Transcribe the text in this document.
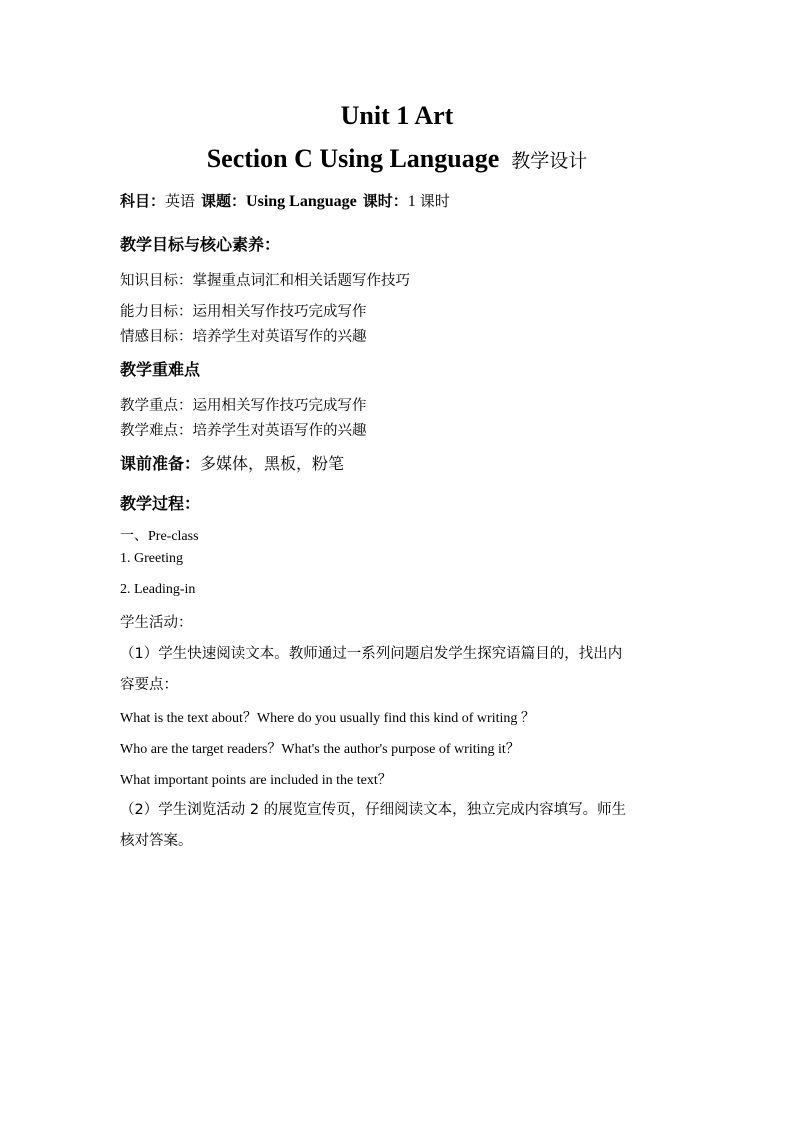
Unit 1 Art
Section C Using Language 教学设计
科目：英语 课题：Using Language 课时：1 课时
教学目标与核心素养：
知识目标：掌握重点词汇和相关话题写作技巧
能力目标：运用相关写作技巧完成写作
情感目标：培养学生对英语写作的兴趣
教学重难点
教学重点：运用相关写作技巧完成写作
教学难点：培养学生对英语写作的兴趣
课前准备：多媒体，黑板，粉笔
教学过程：
一、Pre-class
1. Greeting
2. Leading-in
学生活动：
（1）学生快速阅读文本。教师通过一系列问题启发学生探究语篇目的，找出内
容要点：
What is the text about？Where do you usually find this kind of writing ？
Who are the target readers？What's the author's purpose of writing it？
What important points are included in the text？
（2）学生浏览活动 2 的展览宣传页，仔细阅读文本，独立完成内容填写。师生
核对答案。
